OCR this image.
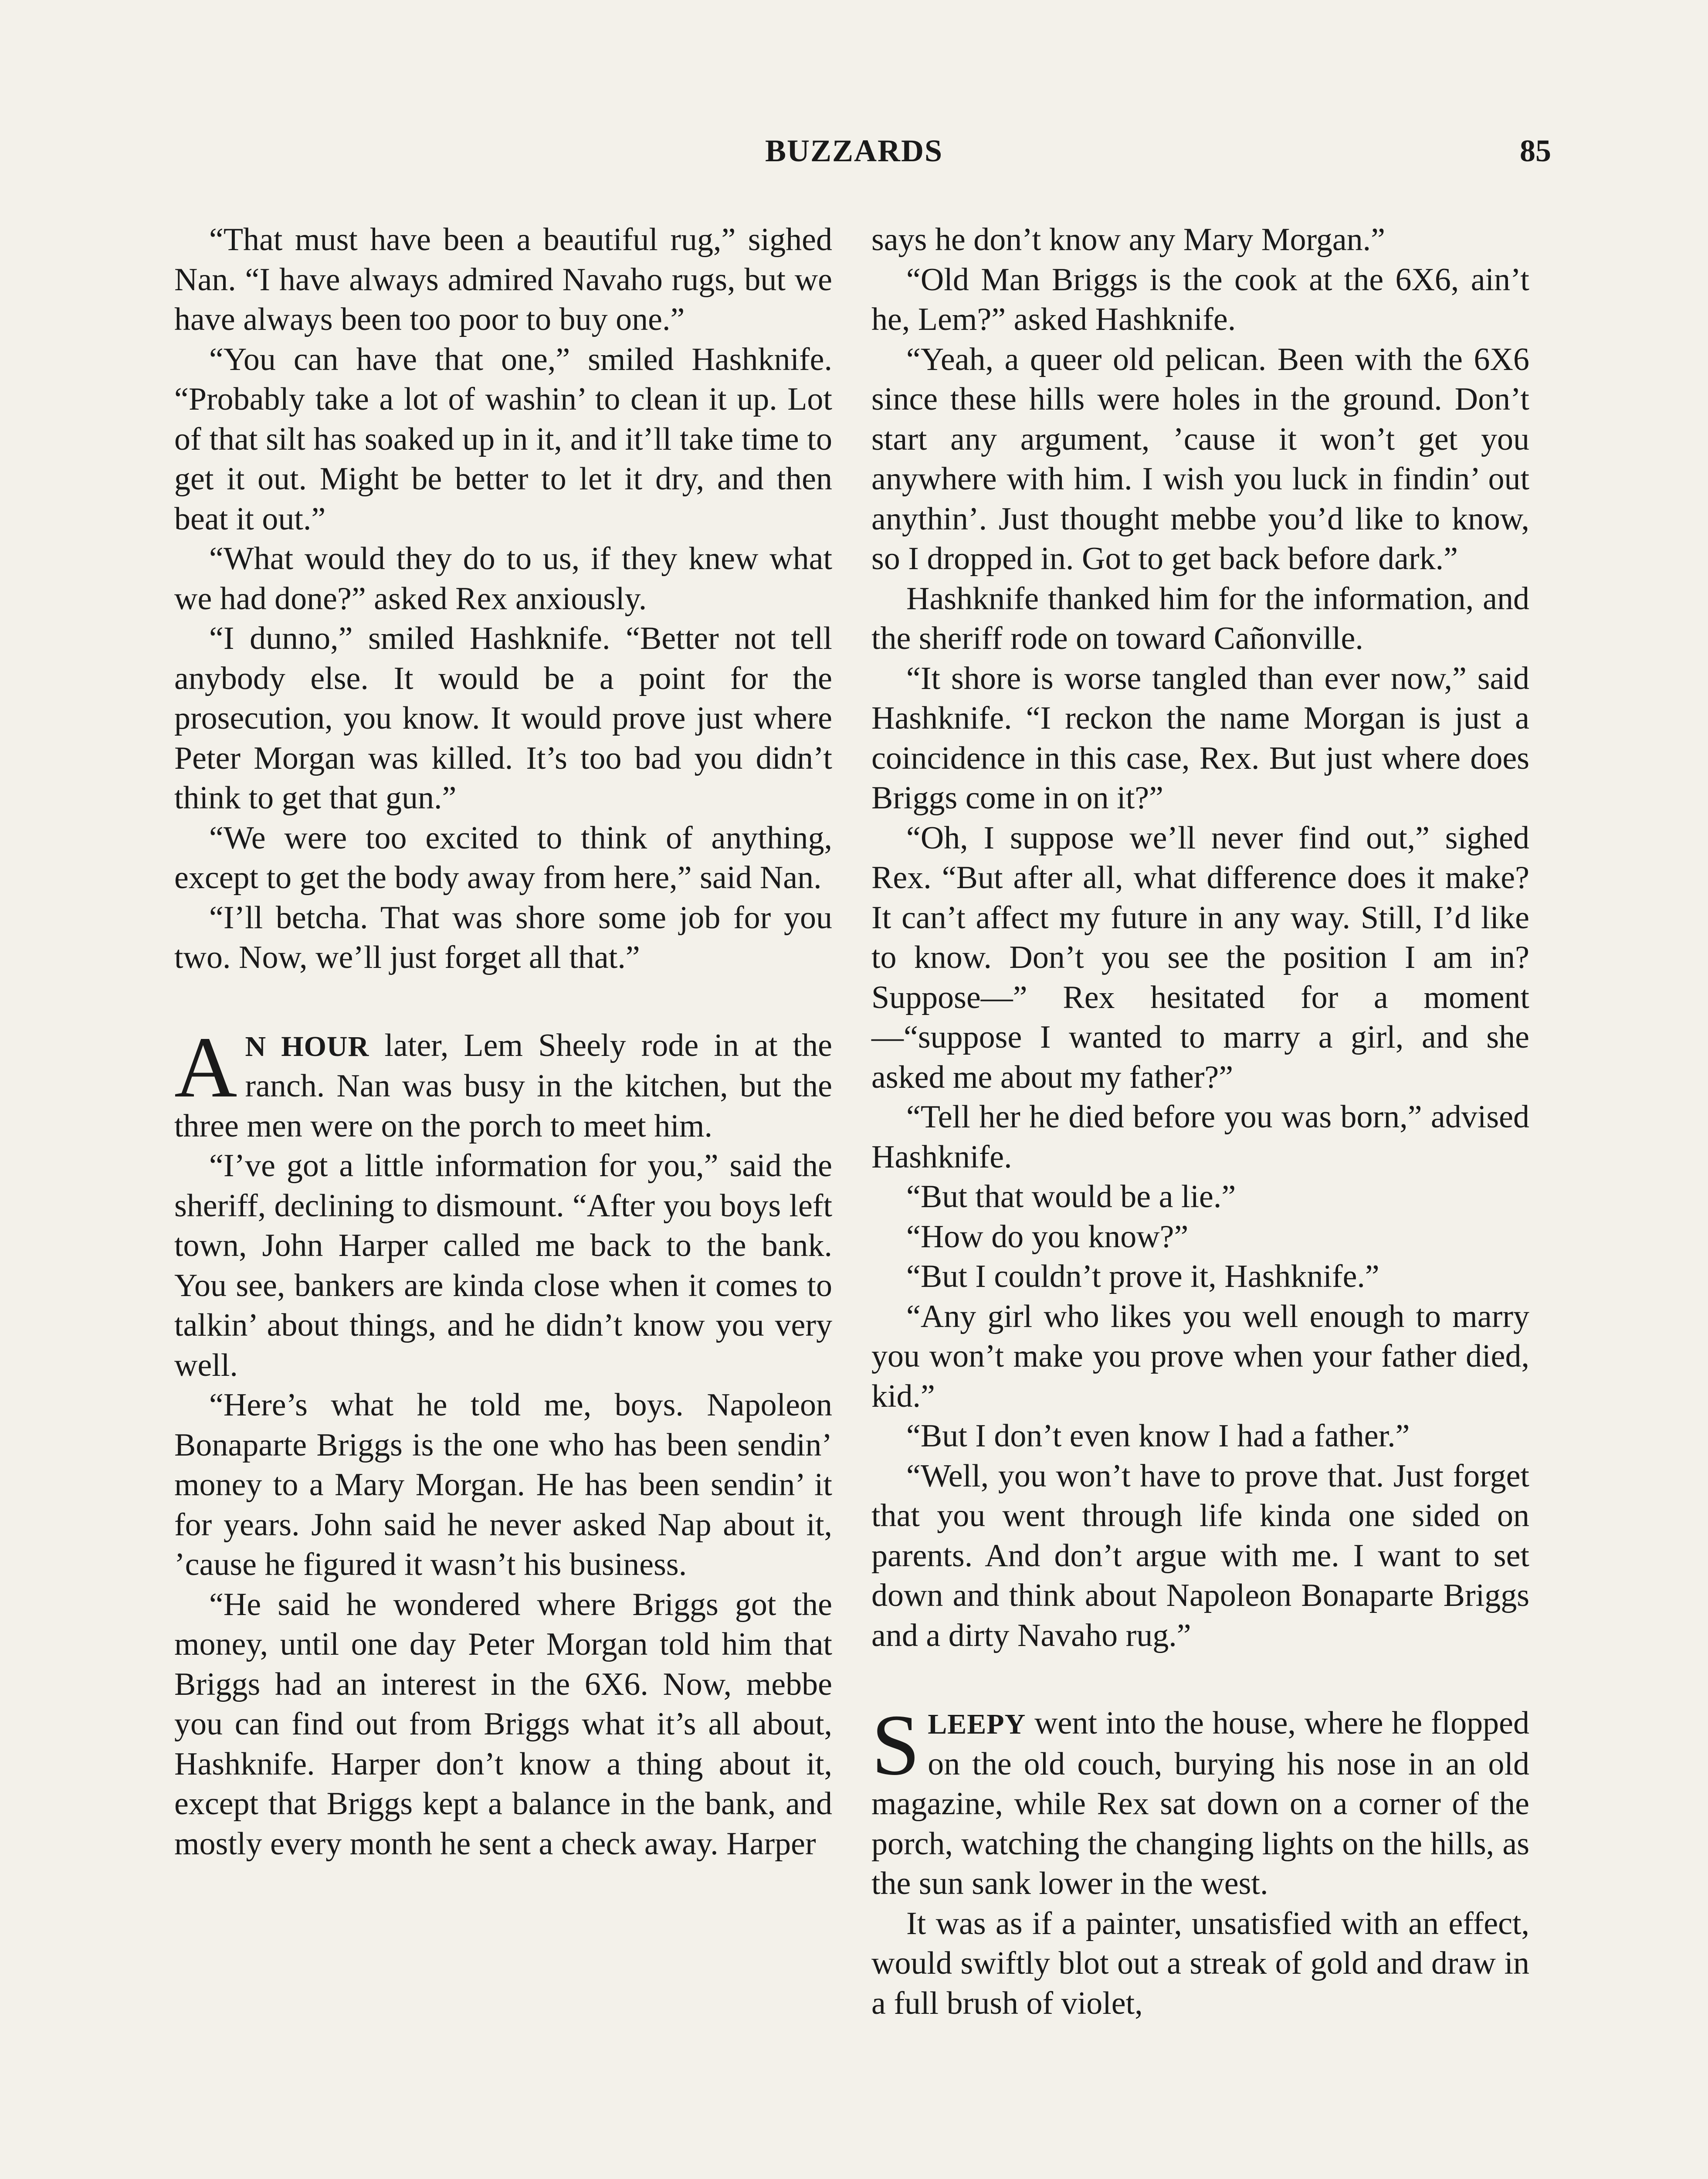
BUZZARDS	85

“That must have been a beautiful rug,” sighed Nan. “I have always admired Navaho rugs, but we have always been too poor to buy one.”

“You can have that one,” smiled Hashknife. “Probably take a lot of washin’ to clean it up. Lot of that silt has soaked up in it, and it’ll take time to get it out. Might be better to let it dry, and then beat it out.”

“What would they do to us, if they knew what we had done?” asked Rex anxiously.

“I dunno,” smiled Hashknife. “Better not tell anybody else. It would be a point for the prosecution, you know. It would prove just where Peter Morgan was killed. It’s too bad you didn’t think to get that gun.”

“We were too excited to think of anything, except to get the body away from here,” said Nan.

“I’ll betcha. That was shore some job for you two. Now, we’ll just forget all that.”

A N HOUR later, Lem Sheely rode in at the ranch. Nan was busy in the kitchen, but the three men were on the porch to meet him.

“I’ve got a little information for you,” said the sheriff, declining to dismount. “After you boys left town, John Harper called me back to the bank. You see, bankers are kinda close when it comes to talkin’ about things, and he didn’t know you very well.

“Here’s what he told me, boys. Napoleon Bonaparte Briggs is the one who has been sendin’ money to a Mary Morgan. He has been sendin’ it for years. John said he never asked Nap about it, ’cause he figured it wasn’t his business.

“He said he wondered where Briggs got the money, until one day Peter Morgan told him that Briggs had an interest in the 6X6. Now, mebbe you can find out from Briggs what it’s all about, Hashknife. Harper don’t know a thing about it, except that Briggs kept a balance in the bank, and mostly every month he sent a check away. Harper

says he don’t know any Mary Morgan.”

“Old Man Briggs is the cook at the 6X6, ain’t he, Lem?” asked Hashknife.

“Yeah, a queer old pelican. Been with the 6X6 since these hills were holes in the ground. Don’t start any argument, ’cause it won’t get you anywhere with him. I wish you luck in findin’ out anythin’. Just thought mebbe you’d like to know, so I dropped in. Got to get back before dark.”

Hashknife thanked him for the information, and the sheriff rode on toward Cañonville.

“It shore is worse tangled than ever now,” said Hashknife. “I reckon the name Morgan is just a coincidence in this case, Rex. But just where does Briggs come in on it?”

“Oh, I suppose we’ll never find out,” sighed Rex. “But after all, what difference does it make? It can’t affect my future in any way. Still, I’d like to know. Don’t you see the position I am in? Suppose—” Rex hesitated for a moment—“suppose I wanted to marry a girl, and she asked me about my father?”

“Tell her he died before you was born,” advised Hashknife.

“But that would be a lie.”

“How do you know?”

“But I couldn’t prove it, Hashknife.”

“Any girl who likes you well enough to marry you won’t make you prove when your father died, kid.”

“But I don’t even know I had a father.”

“Well, you won’t have to prove that. Just forget that you went through life kinda one sided on parents. And don’t argue with me. I want to set down and think about Napoleon Bonaparte Briggs and a dirty Navaho rug.”

SLEEPY went into the house, where he flopped on the old couch, burying his nose in an old magazine, while Rex sat down on a corner of the porch, watching the changing lights on the hills, as the sun sank lower in the west.

It was as if a painter, unsatisfied with an effect, would swiftly blot out a streak of gold and draw in a full brush of violet,
